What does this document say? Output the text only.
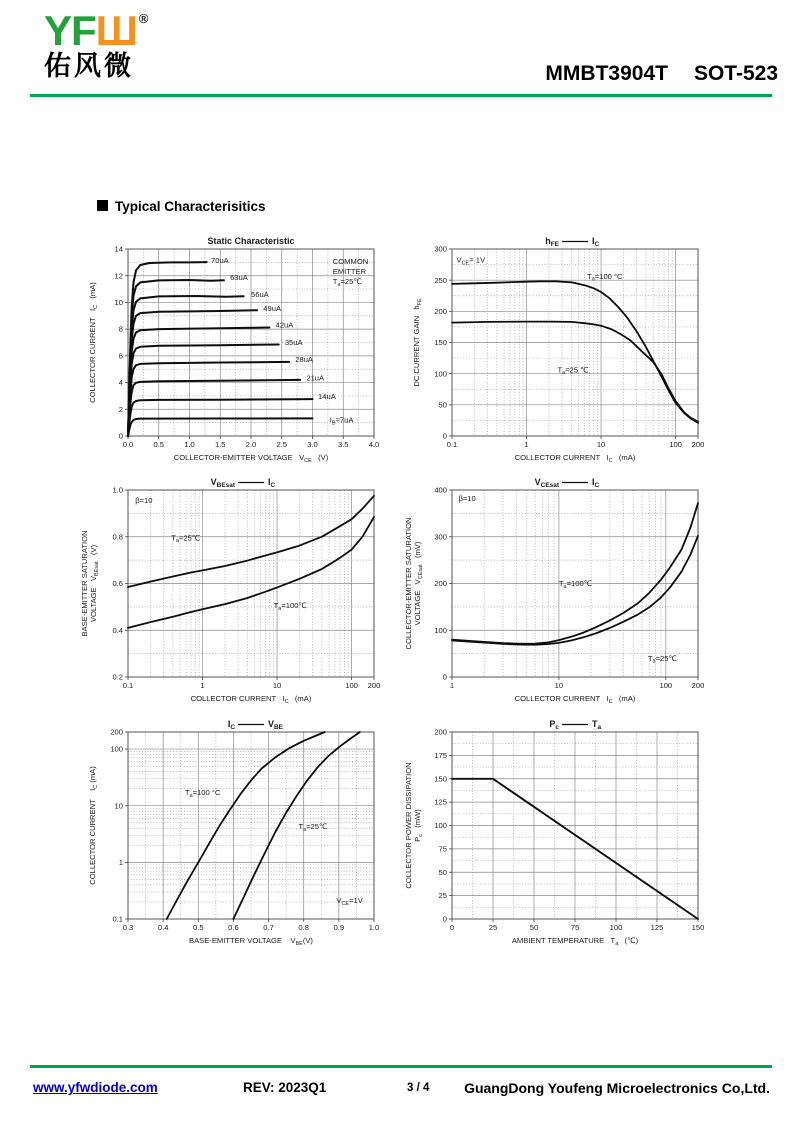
YFШ ®
佑风微	MMBT3904T SOT-523
Typical Characterisitics
0.0	0.5	1.0	1.5	2.0	2.5	3.0	3.5	4.0
0
2
4
6
8
10
12
14
COLLECTOR-EMITTER VOLTAGE   $V_{CE}$   (V)
COLLECTOR CURRENT   $I_C$   (mA)
Static Characteristic
70uA
63uA
56uA
49uA
42uA
35uA
28uA
21uA
14uA
$I_B=7uA$
COMMON
EMITTER
$T_a=25℃$
0.1	1	10	100 200
0
50
100
150
200
250
300
COLLECTOR CURRENT   $I_C$   (mA)
DC CURRENT GAIN   $h_{FE}$
$h_{FE}$	$I_C$
$T_a=100$ °C
$T_a=25$ ℃
$V_{CE}= 1V$
0.1	1	10	100 200
0.2
0.4
0.6
0.8
1.0
COLLECTOR CURRENT   $I_C$   (mA)
BASE-EMITTER SATURATION VOLTAGE   $V_{BEsat}$   (V)
$V_{BEsat}$	$I_C$
$T_a=25℃$
$T_a=100℃$
β=10
1	10	100	200
0
100
200
300
400
COLLECTOR CURRENT   $I_C$   (mA)
COLLECTOR-EMITTER SATURATION VOLTAGE   $V_{CEsat}$   (mV)
$V_{CEsat}$	$I_C$
$T_a=100℃$
$T_a=25℃$
β=10
0.3	0.4	0.5	0.6	0.7	0.8	0.9	1.0
0.1
1
10
100
200
BASE-EMITTER VOLTAGE    $V_{BE}(V)$
COLLECTOR CURRENT    $I_C$ (mA)
$I_C$	$V_{BE}$
$T_a=100$ °C
$T_a=25℃$
$V_{CE}=1V$
0	25	50	75	100	125	150
0
25
50
75
100
125
150
175
200
AMBIENT TEMPERATURE   $T_a$   (℃)
COLLECTOR POWER DISSIPATION $P_c$   (mW)
$P_c$	$T_a$
www.yfwdiode.com	REV: 2023Q1	3 / 4 GuangDong Youfeng Microelectronics Co,Ltd.
